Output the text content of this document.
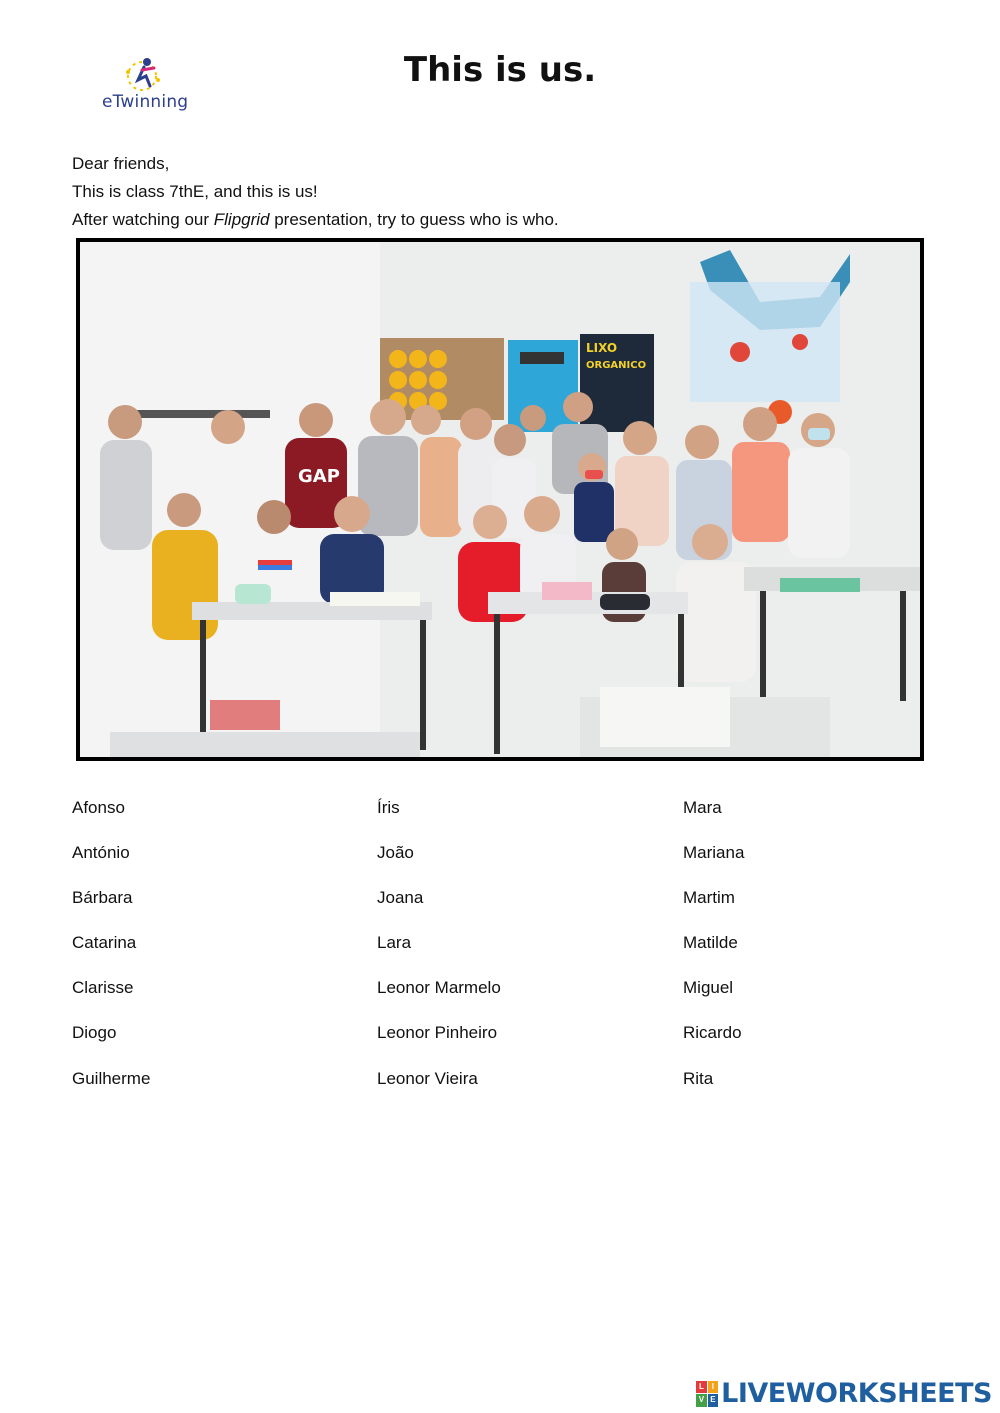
eTwinning
This is us.

Dear friends,

This is class 7thE, and this is us!

After watching our Flipgrid presentation, try to guess who is who.

LIXO
ORGANICO
GAP
Afonso
António
Bárbara
Catarina
Clarisse
Diogo
Guilherme
Íris
João
Joana
Lara
Leonor Marmelo
Leonor Pinheiro
Leonor Vieira
Mara
Mariana
Martim
Matilde
Miguel
Ricardo
Rita
L I
V E LIVEWORKSHEETS
